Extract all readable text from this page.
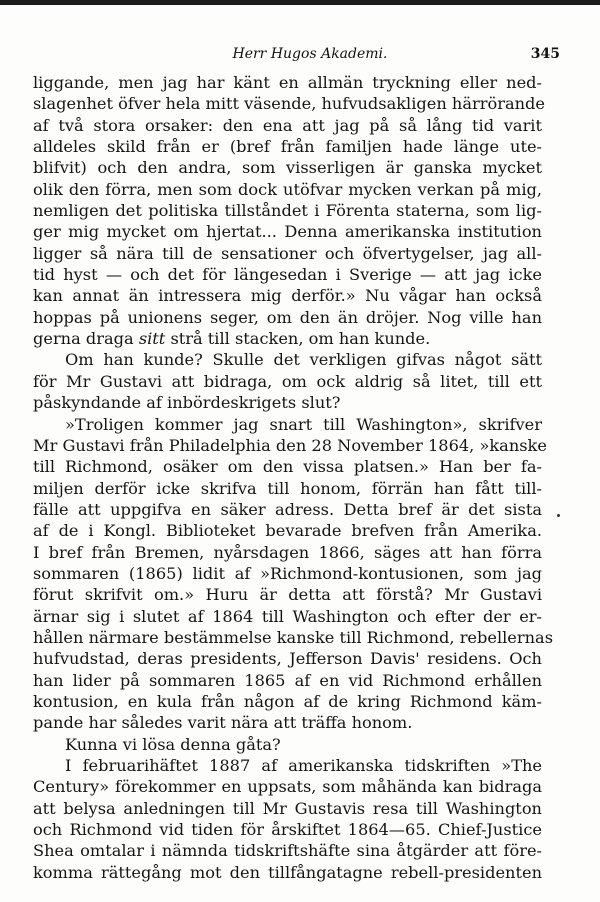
Herr Hugos Akademi.	345
liggande, men jag har känt en allmän tryckning eller ned-
slagenhet öfver hela mitt väsende, hufvudsakligen härrörande
af två stora orsaker: den ena att jag på så lång tid varit
alldeles skild från er (bref från familjen hade länge ute-
blifvit) och den andra, som visserligen är ganska mycket
olik den förra, men som dock utöfvar mycken verkan på mig,
nemligen det politiska tillståndet i Förenta staterna, som lig-
ger mig mycket om hjertat... Denna amerikanska institution
ligger så nära till de sensationer och öfvertygelser, jag all-
tid hyst — och det för längesedan i Sverige — att jag icke
kan annat än intressera mig derför.» Nu vågar han också
hoppas på unionens seger, om den än dröjer. Nog ville han
gerna draga sitt strå till stacken, om han kunde.
Om han kunde? Skulle det verkligen gifvas något sätt
för Mr Gustavi att bidraga, om ock aldrig så litet, till ett
påskyndande af inbördeskrigets slut?
»Troligen kommer jag snart till Washington», skrifver
Mr Gustavi från Philadelphia den 28 November 1864, »kanske
till Richmond, osäker om den vissa platsen.» Han ber fa-
miljen derför icke skrifva till honom, förrän han fått till-
fälle att uppgifva en säker adress. Detta bref är det sista
af de i Kongl. Biblioteket bevarade brefven från Amerika.
I bref från Bremen, nyårsdagen 1866, säges att han förra
sommaren (1865) lidit af »Richmond-kontusionen, som jag
förut skrifvit om.» Huru är detta att förstå? Mr Gustavi
ärnar sig i slutet af 1864 till Washington och efter der er-
hållen närmare bestämmelse kanske till Richmond, rebellernas
hufvudstad, deras presidents, Jefferson Davis' residens. Och
han lider på sommaren 1865 af en vid Richmond erhållen
kontusion, en kula från någon af de kring Richmond käm-
pande har således varit nära att träffa honom.
Kunna vi lösa denna gåta?
I februarihäftet 1887 af amerikanska tidskriften »The
Century» förekommer en uppsats, som måhända kan bidraga
att belysa anledningen till Mr Gustavis resa till Washington
och Richmond vid tiden för årskiftet 1864—65. Chief-Justice
Shea omtalar i nämnda tidskriftshäfte sina åtgärder att före-
komma rättegång mot den tillfångatagne rebell-presidenten
